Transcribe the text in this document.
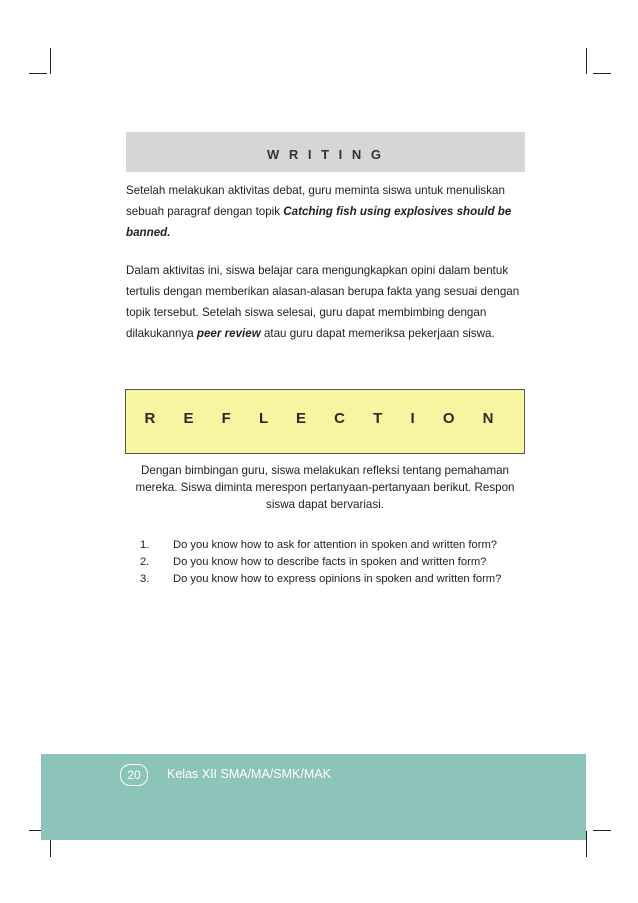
W R I T I N G

Setelah melakukan aktivitas debat, guru meminta siswa untuk menuliskan sebuah paragraf dengan topik Catching fish using explosives should be banned.

Dalam aktivitas ini, siswa belajar cara mengungkapkan opini dalam bentuk tertulis dengan memberikan alasan-alasan berupa fakta yang sesuai dengan topik tersebut. Setelah siswa selesai, guru dapat membimbing dengan dilakukannya peer review atau guru dapat memeriksa pekerjaan siswa.

R E F L E C T I O N

Dengan bimbingan guru, siswa melakukan refleksi tentang pemahaman mereka. Siswa diminta merespon pertanyaan-pertanyaan berikut. Respon siswa dapat bervariasi.

1.	Do you know how to ask for attention in spoken and written form?
2.	Do you know how to describe facts in spoken and written form?
3.	Do you know how to express opinions in spoken and written form?
20	Kelas XII SMA/MA/SMK/MAK
